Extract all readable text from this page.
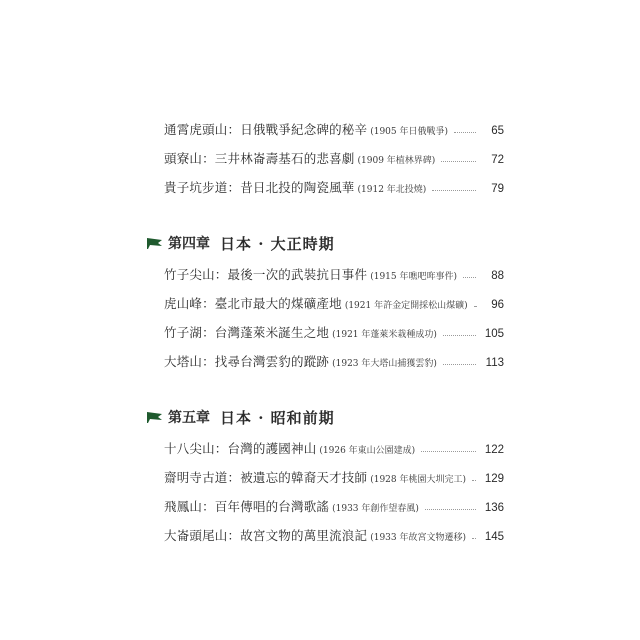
通霄虎頭山：日俄戰爭紀念碑的秘辛 (1905 年日俄戰爭)	65
頭寮山：三井林崙壽基石的悲喜劇 (1909 年植林界碑)	72
貴子坑步道：昔日北投的陶瓷風華 (1912 年北投燒)	79
第四章 日本 · 大正時期
竹子尖山：最後一次的武裝抗日事件 (1915 年噍吧哖事件)	88
虎山峰：臺北市最大的煤礦產地 (1921 年許金定開採松山煤礦)	96
竹子湖：台灣蓬萊米誕生之地 (1921 年蓬萊米栽種成功)	105
大塔山：找尋台灣雲豹的蹤跡 (1923 年大塔山捕獲雲豹)	113
第五章 日本 · 昭和前期
十八尖山：台灣的護國神山 (1926 年東山公園建成)	122
齋明寺古道：被遺忘的韓裔天才技師 (1928 年桃園大圳完工) 129
飛鳳山：百年傳唱的台灣歌謠 (1933 年創作望春風)	136
大崙頭尾山：故宮文物的萬里流浪記 (1933 年故宮文物遷移) 145
